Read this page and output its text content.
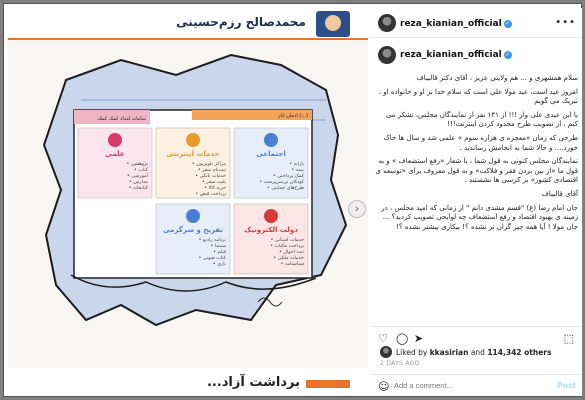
محمدصالح رزم‌حسینی
سامانه امداد کمک کمک	ادمان انار (...)
اجتماعی
• یارانه
• بیمه
• کمک پرداختی
• کودکان بی‌سرپرست
• طرح‌های حمایتی
خدمات اینترنتی
• مراکز تلویزیون
• ثبت‌نام سفر
• خدمات بانکی
• بلیت سفر
• خرید کالا
• پرداخت قبض
علمی
• پژوهشی
• کتاب
• آموزشی
• مدارس
• کتابخانه
تفریح و سرگرمی
• برنامه رادیو
• سینما
• فیلم
• کتاب صوتی
• بازی
دولت الکترونیک
• خدمات استانی
• پرداخت مالیات
• ثبت احوال
• خدمات ملکی
• شناسنامه
›
برداشت آزاد...
reza_kianian_official ✓	•••
reza_kianian_official ✓

سلام همشهری و ... هم ولایتی عزیز ، آقای دکتر قالیباف

امروز عید است، عید مولا علی است که سلام خدا بر او و خانواده او ، تبریک می گویم

با این عیدی علی وار !!! از ۱۳۱ نفر از نمایندگان مجلس، تشکر می کنم ، از تصویب طرح محدود کردن اینترنت!!!

طرحی که زمان «معجزه ی هزاره سوم » علمی شد و سال ها خاک خورد.... و حالا شما به انجامش رساندید .

نمایندگان مجلس کنونی به قول شما ، با شعار «رفع استضعاف » و به قول ما «از بین بردن فقر و فلاکت» و به قول معروف برای «توسعه ی اقتصادی کشور» بر کرسی ها نشستند .

آقای قالیباف

جان امام رضا (ع) "قسم مشدی داتم " از زمانی که امید مجلس ، در زمینه ی بهبود اقتصاد و رفع استضعاف چه لوایحی تصویب کردید؟ ... جان مولا ! آیا همه چیز گران تر نشده ؟! بیکاری بیشتر نشده ؟!

♡ ◯ ➤	⬚
Liked by kkasirian and 114,342 others
2 DAYS AGO
☺
Add a comment...	Post
